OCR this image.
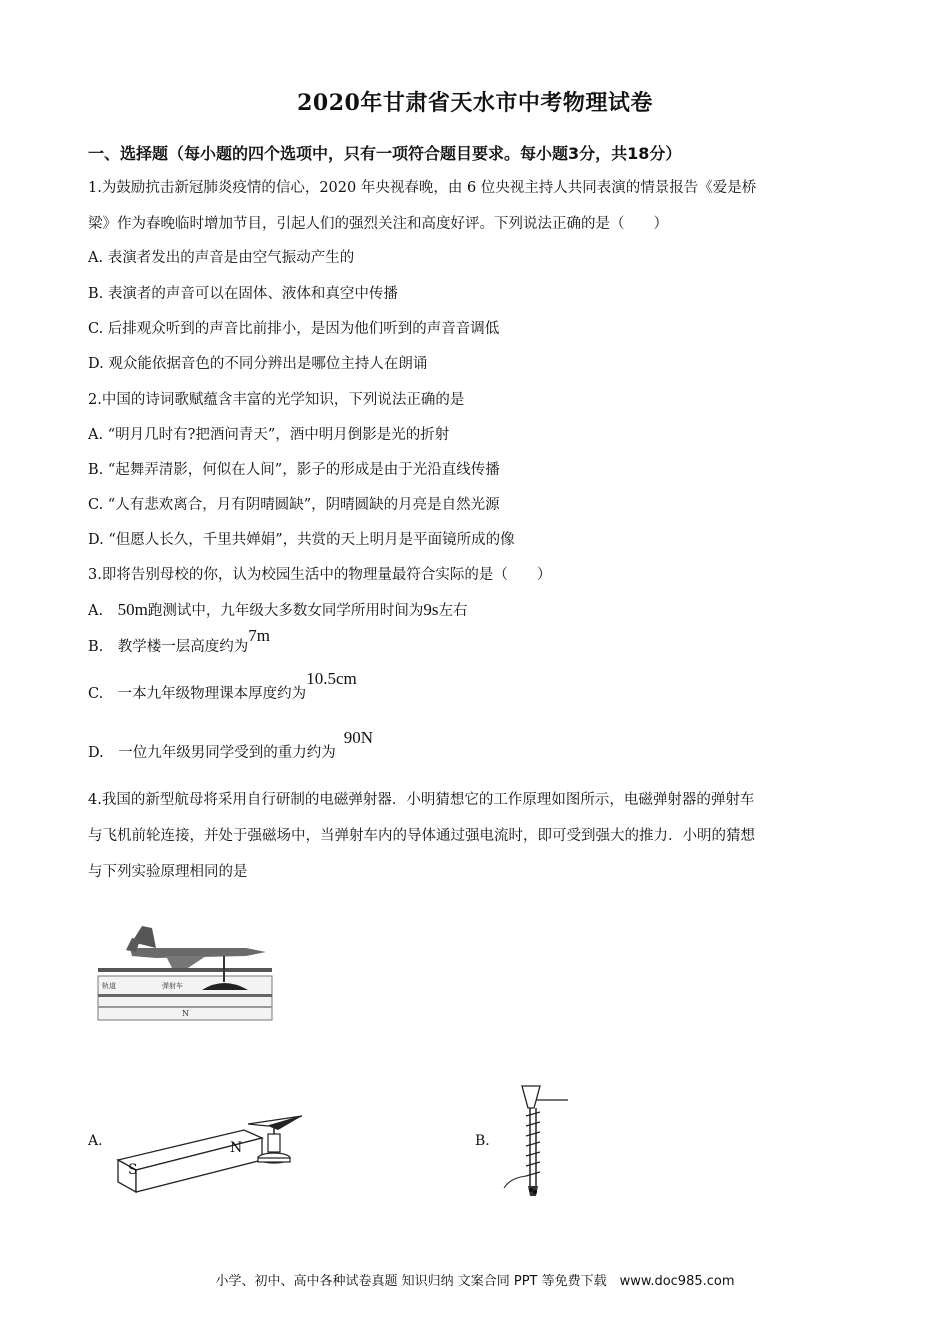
2020年甘肃省天水市中考物理试卷
一、选择题（每小题的四个选项中，只有一项符合题目要求。每小题3分，共18分）
1.为鼓励抗击新冠肺炎疫情的信心，2020 年央视春晚，由 6 位央视主持人共同表演的情景报告《爱是桥
梁》作为春晚临时增加节目，引起人们的强烈关注和高度好评。下列说法正确的是（　　）
A. 表演者发出的声音是由空气振动产生的
B. 表演者的声音可以在固体、液体和真空中传播
C. 后排观众听到的声音比前排小，是因为他们听到的声音音调低
D. 观众能依据音色的不同分辨出是哪位主持人在朗诵
2.中国的诗词歌赋蕴含丰富的光学知识，下列说法正确的是
A. “明月几时有?把酒问青天”，酒中明月倒影是光的折射
B. “起舞弄清影，何似在人间”，影子的形成是由于光沿直线传播
C. “人有悲欢离合，月有阴晴圆缺”，阴晴圆缺的月亮是自然光源
D. “但愿人长久，千里共婵娟”，共赏的天上明月是平面镜所成的像
3.即将告别母校的你，认为校园生活中的物理量最符合实际的是（　　）
A.　50m跑测试中，九年级大多数女同学所用时间为9s左右
B.　教学楼一层高度约为7m
C.　一本九年级物理课本厚度约为10.5cm
D.　一位九年级男同学受到的重力约为90N
4.我国的新型航母将采用自行研制的电磁弹射器．小明猜想它的工作原理如图所示，电磁弹射器的弹射车
与飞机前轮连接，并处于强磁场中，当弹射车内的导体通过强电流时，即可受到强大的推力．小明的猜想
与下列实验原理相同的是
轨道	弹射车
N
A.
S
N	B.
小学、初中、高中各种试卷真题 知识归纳 文案合同 PPT 等免费下载　www.doc985.com
